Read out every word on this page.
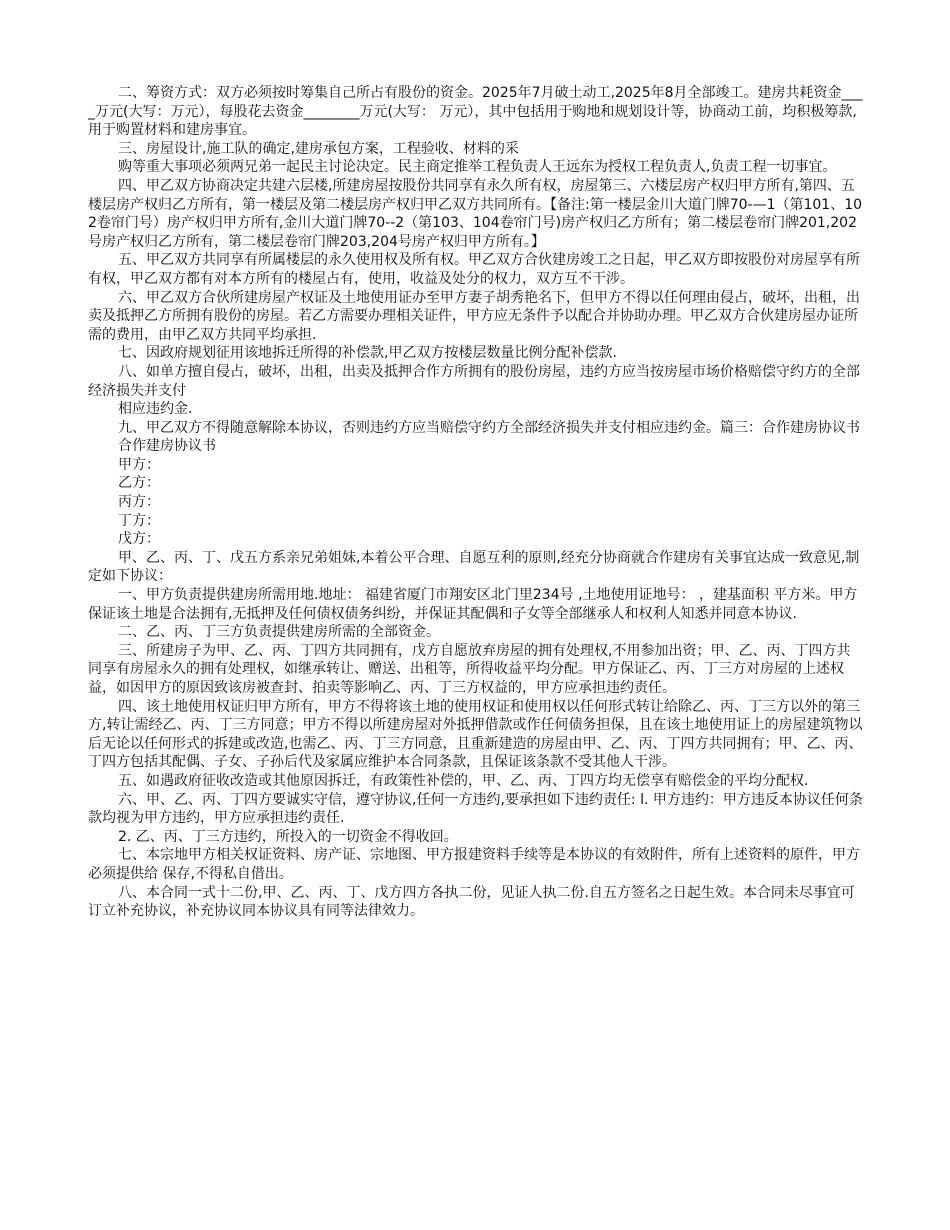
二、筹资方式：双方必须按时筹集自己所占有股份的资金。2025年7月破土动工,2025年8月全部竣工。建房共耗资金____万元(大写：万元），每股花去资金________万元(大写： 万元），其中包括用于购地和规划设计等，协商动工前，均积极筹款,用于购置材料和建房事宜。

三、房屋设计,施工队的确定,建房承包方案，工程验收、材料的采

购等重大事项必须两兄弟一起民主讨论决定。民主商定推举工程负责人王远东为授权工程负责人,负责工程一切事宜。

四、甲乙双方协商决定共建六层楼,所建房屋按股份共同享有永久所有权，房屋第三、六楼层房产权归甲方所有,第四、五楼层房产权归乙方所有，第一楼层及第二楼层房产权归甲乙双方共同所有。【备注:第一楼层金川大道门牌70-—1（第101、102卷帘门号）房产权归甲方所有,金川大道门牌70--2（第103、104卷帘门号)房产权归乙方所有；第二楼层卷帘门牌201,202号房产权归乙方所有，第二楼层卷帘门牌203,204号房产权归甲方所有。】

五、甲乙双方共同享有所属楼层的永久使用权及所有权。甲乙双方合伙建房竣工之日起，甲乙双方即按股份对房屋享有所有权，甲乙双方都有对本方所有的楼屋占有，使用，收益及处分的权力，双方互不干涉。

六、甲乙双方合伙所建房屋产权证及土地使用证办至甲方妻子胡秀艳名下，但甲方不得以任何理由侵占，破坏，出租，出卖及抵押乙方所拥有股份的房屋。若乙方需要办理相关证件，甲方应无条件予以配合并协助办理。甲乙双方合伙建房屋办证所需的费用，由甲乙双方共同平均承担.

七、因政府规划征用该地拆迁所得的补偿款,甲乙双方按楼层数量比例分配补偿款.

八、如单方擅自侵占，破坏，出租，出卖及抵押合作方所拥有的股份房屋，违约方应当按房屋市场价格赔偿守约方的全部经济损失并支付

相应违约金.

九、甲乙双方不得随意解除本协议，否则违约方应当赔偿守约方全部经济损失并支付相应违约金。篇三：合作建房协议书

合作建房协议书

甲方：

乙方：

丙方：

丁方：

戊方：

甲、乙、丙、丁、戊五方系亲兄弟姐妹,本着公平合理、自愿互利的原则,经充分协商就合作建房有关事宜达成一致意见,制定如下协议：

一、甲方负责提供建房所需用地.地址： 福建省厦门市翔安区北门里234号 ,土地使用证地号： ，建基面积 平方米。甲方保证该土地是合法拥有,无抵押及任何债权债务纠纷，并保证其配偶和子女等全部继承人和权利人知悉并同意本协议.

二、乙、丙、丁三方负责提供建房所需的全部资金。

三、所建房子为甲、乙、丙、丁四方共同拥有，戊方自愿放弃房屋的拥有处理权,不用参加出资；甲、乙、丙、丁四方共同享有房屋永久的拥有处理权，如继承转让、赠送、出租等，所得收益平均分配。甲方保证乙、丙、丁三方对房屋的上述权益，如因甲方的原因致该房被查封、拍卖等影响乙、丙、丁三方权益的，甲方应承担违约责任。

四、该土地使用权证归甲方所有，甲方不得将该土地的使用权证和使用权以任何形式转让给除乙、丙、丁三方以外的第三方,转让需经乙、丙、丁三方同意；甲方不得以所建房屋对外抵押借款或作任何债务担保，且在该土地使用证上的房屋建筑物以后无论以任何形式的拆建或改造,也需乙、丙、丁三方同意，且重新建造的房屋由甲、乙、丙、丁四方共同拥有；甲、乙、丙、丁四方包括其配偶、子女、子孙后代及家属应维护本合同条款，且保证该条款不受其他人干涉。

五、如遇政府征收改造或其他原因拆迁，有政策性补偿的，甲、乙、丙、丁四方均无偿享有赔偿金的平均分配权.

六、甲、乙、丙、丁四方要诚实守信，遵守协议,任何一方违约,要承担如下违约责任: l. 甲方违约：甲方违反本协议任何条款均视为甲方违约，甲方应承担违约责任.

2. 乙、丙、丁三方违约，所投入的一切资金不得收回。

七、本宗地甲方相关权证资料、房产证、宗地图、甲方报建资料手续等是本协议的有效附件，所有上述资料的原件，甲方必须提供给 保存,不得私自借出。

八、本合同一式十二份,甲、乙、丙、丁、戊方四方各执二份，见证人执二份.自五方签名之日起生效。本合同未尽事宜可订立补充协议，补充协议同本协议具有同等法律效力。
